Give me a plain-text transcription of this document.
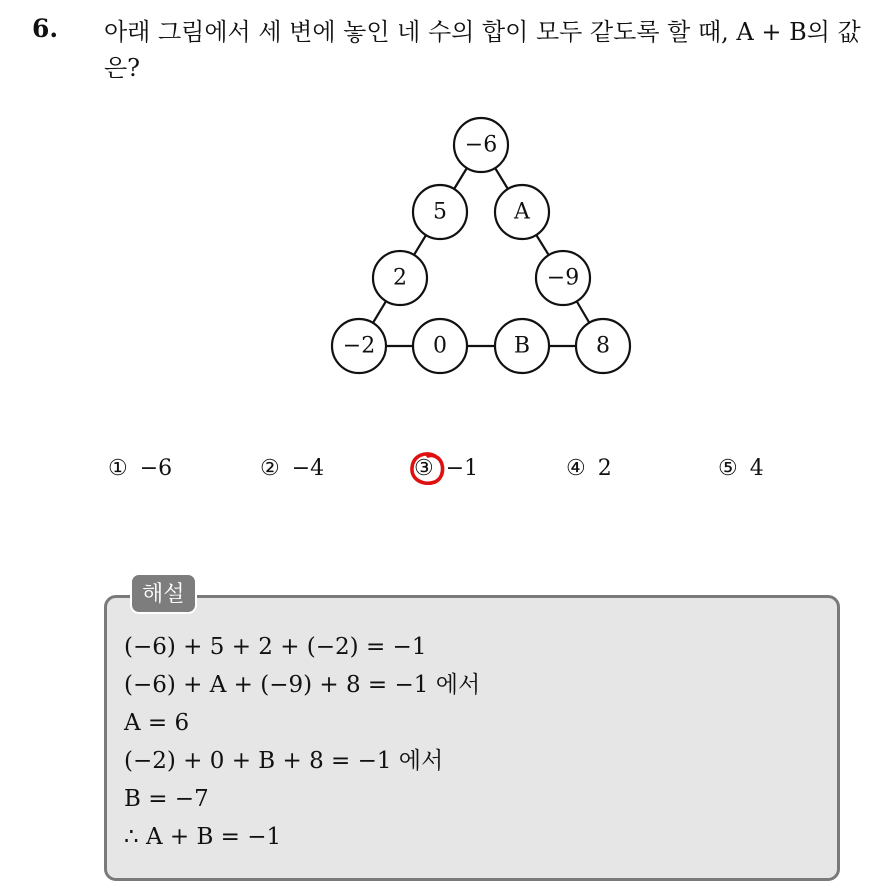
6. 아래 그림에서 세 변에 놓인 네 수의 합이 모두 같도록 할 때, A + B의 값은?
−6
5	A
2	−9
−2	0	B	8
① −6	② −4	③ −1	④ 2	⑤ 4
해설
(−6) + 5 + 2 + (−2) = −1
(−6) + A + (−9) + 8 = −1 에서
A = 6
(−2) + 0 + B + 8 = −1 에서
B = −7
∴ A + B = −1
